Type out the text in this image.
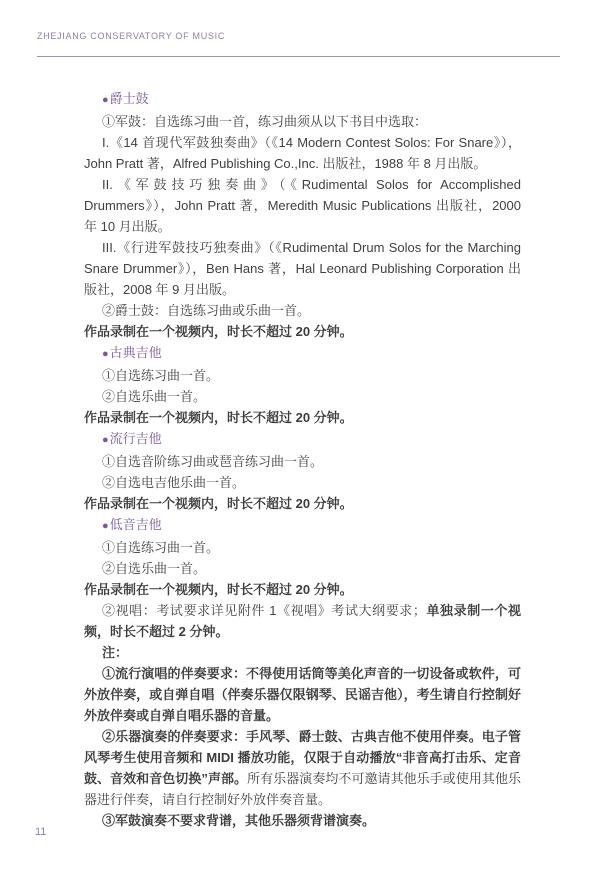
ZHEJIANG CONSERVATORY OF MUSIC

●爵士鼓

①军鼓：自选练习曲一首，练习曲须从以下书目中选取：

I.《14 首现代军鼓独奏曲》（《14 Modern Contest Solos: For Snare》），John Pratt 著，Alfred Publishing Co.,Inc. 出版社，1988 年 8 月出版。

II.《军鼓技巧独奏曲》（《Rudimental Solos for Accomplished Drummers》），John Pratt 著，Meredith Music Publications 出版社，2000 年 10 月出版。

III.《行进军鼓技巧独奏曲》（《Rudimental Drum Solos for the Marching Snare Drummer》），Ben Hans 著，Hal Leonard Publishing Corporation 出版社，2008 年 9 月出版。

②爵士鼓：自选练习曲或乐曲一首。

作品录制在一个视频内，时长不超过 20 分钟。

●古典吉他

①自选练习曲一首。

②自选乐曲一首。

作品录制在一个视频内，时长不超过 20 分钟。

●流行吉他

①自选音阶练习曲或琶音练习曲一首。

②自选电吉他乐曲一首。

作品录制在一个视频内，时长不超过 20 分钟。

●低音吉他

①自选练习曲一首。

②自选乐曲一首。

作品录制在一个视频内，时长不超过 20 分钟。

②视唱：考试要求详见附件 1《视唱》考试大纲要求；单独录制一个视频，时长不超过 2 分钟。

注：

①流行演唱的伴奏要求：不得使用话筒等美化声音的一切设备或软件，可外放伴奏，或自弹自唱（伴奏乐器仅限钢琴、民谣吉他），考生请自行控制好外放伴奏或自弹自唱乐器的音量。

②乐器演奏的伴奏要求：手风琴、爵士鼓、古典吉他不使用伴奏。电子管风琴考生使用音频和 MIDI 播放功能，仅限于自动播放“非音高打击乐、定音鼓、音效和音色切换”声部。所有乐器演奏均不可邀请其他乐手或使用其他乐器进行伴奏，请自行控制好外放伴奏音量。

③军鼓演奏不要求背谱，其他乐器须背谱演奏。

11
